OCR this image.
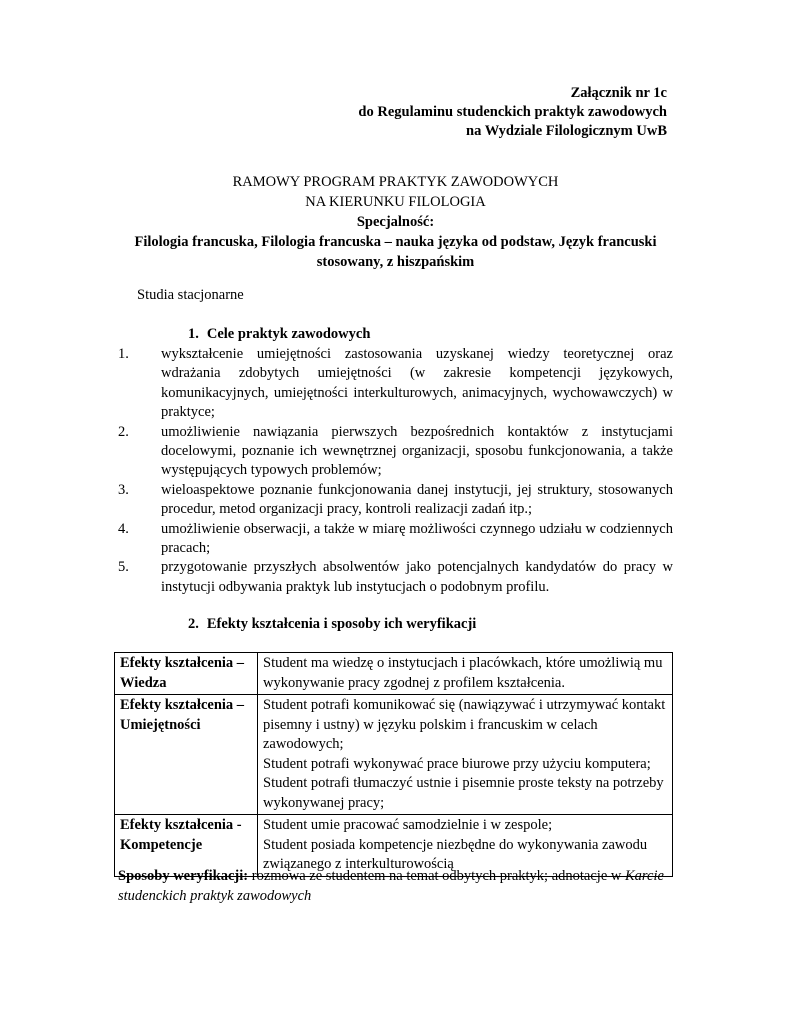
Załącznik nr 1c
do Regulaminu studenckich praktyk zawodowych
na Wydziale Filologicznym UwB
RAMOWY PROGRAM PRAKTYK ZAWODOWYCH
NA KIERUNKU FILOLOGIA
Specjalność:
Filologia francuska, Filologia francuska – nauka języka od podstaw, Język francuski
stosowany, z hiszpańskim
Studia stacjonarne
1. Cele praktyk zawodowych
1. wykształcenie umiejętności zastosowania uzyskanej wiedzy teoretycznej oraz wdrażania zdobytych umiejętności (w zakresie kompetencji językowych, komunikacyjnych, umiejętności interkulturowych, animacyjnych, wychowawczych) w praktyce;
2. umożliwienie nawiązania pierwszych bezpośrednich kontaktów z instytucjami docelowymi, poznanie ich wewnętrznej organizacji, sposobu funkcjonowania, a także występujących typowych problemów;
3. wieloaspektowe poznanie funkcjonowania danej instytucji, jej struktury, stosowanych procedur, metod organizacji pracy, kontroli realizacji zadań itp.;
4. umożliwienie obserwacji, a także w miarę możliwości czynnego udziału w codziennych pracach;
5. przygotowanie przyszłych absolwentów jako potencjalnych kandydatów do pracy w instytucji odbywania praktyk lub instytucjach o podobnym profilu.
2. Efekty kształcenia i sposoby ich weryfikacji
Efekty kształcenia – Wiedza	Student ma wiedzę o instytucjach i placówkach, które umożliwią mu wykonywanie pracy zgodnej z profilem kształcenia.

Efekty kształcenia – Umiejętności	Student potrafi komunikować się (nawiązywać i utrzymywać kontakt pisemny i ustny) w języku polskim i francuskim w celach zawodowych;
Student potrafi wykonywać prace biurowe przy użyciu komputera;
Student potrafi tłumaczyć ustnie i pisemnie proste teksty na potrzeby wykonywanej pracy;

Efekty kształcenia - Kompetencje	Student umie pracować samodzielnie i w zespole;
Student posiada kompetencje niezbędne do wykonywania zawodu związanego z interkulturowością
Sposoby weryfikacji: rozmowa ze studentem na temat odbytych praktyk; adnotacje w Karcie studenckich praktyk zawodowych
